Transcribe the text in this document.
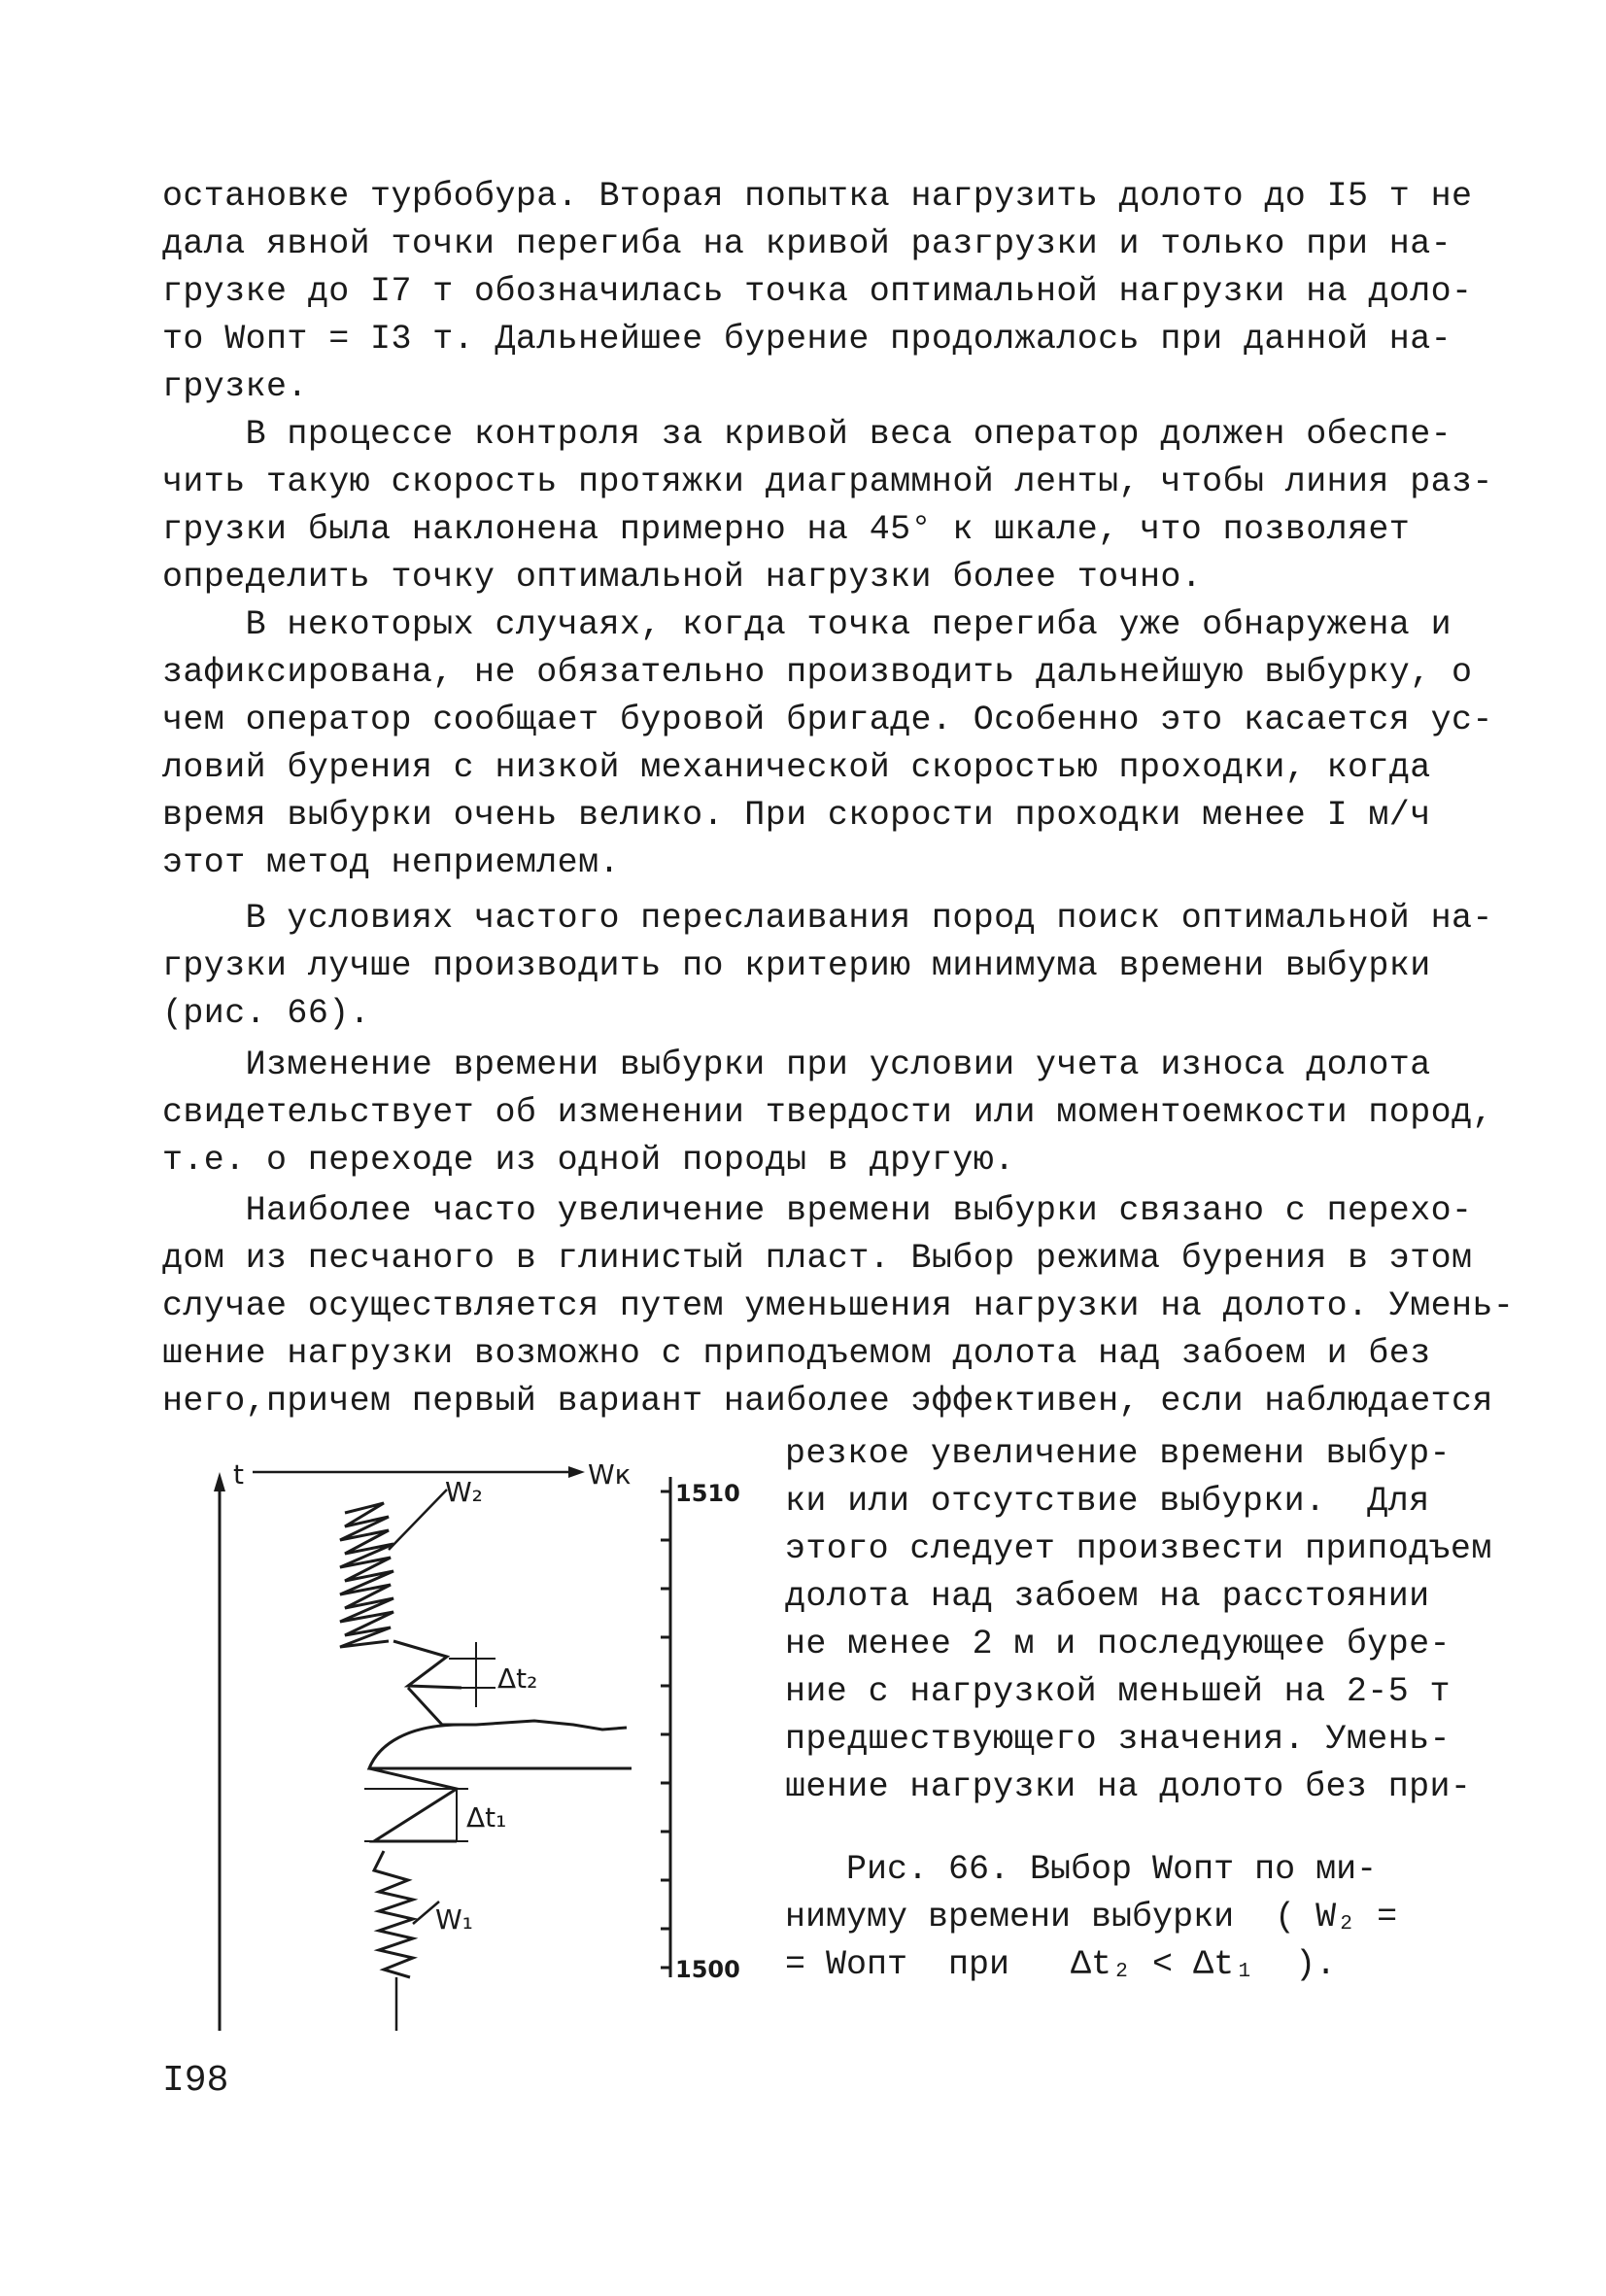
остановке турбобура. Вторая попытка нагрузить долото до I5 т не
дала явной точки перегиба на кривой разгрузки и только при на-
грузке до I7 т обозначилась точка оптимальной нагрузки на доло-
то Wопт = I3 т. Дальнейшее бурение продолжалось при данной на-
грузке.
В процессе контроля за кривой веса оператор должен обеспе-
чить такую скорость протяжки диаграммной ленты, чтобы линия раз-
грузки была наклонена примерно на 45° к шкале, что позволяет
определить точку оптимальной нагрузки более точно.
В некоторых случаях, когда точка перегиба уже обнаружена и
зафиксирована, не обязательно производить дальнейшую выбурку, о
чем оператор сообщает буровой бригаде. Особенно это касается ус-
ловий бурения с низкой механической скоростью проходки, когда
время выбурки очень велико. При скорости проходки менее I м/ч
этот метод неприемлем.
В условиях частого переслаивания пород поиск оптимальной на-
грузки лучше производить по критерию минимума времени выбурки
(рис. 66).
Изменение времени выбурки при условии учета износа долота
свидетельствует об изменении твердости или моментоемкости пород,
т.е. о переходе из одной породы в другую.
Наиболее часто увеличение времени выбурки связано с перехо-
дом из песчаного в глинистый пласт. Выбор режима бурения в этом
случае осуществляется путем уменьшения нагрузки на долото. Умень-
шение нагрузки возможно с приподъемом долота над забоем и без
него,причем первый вариант наиболее эффективен, если наблюдается
резкое увеличение времени выбур-
ки или отсутствие выбурки.  Для
этого следует произвести приподъем
долота над забоем на расстоянии
не менее 2 м и последующее буре-
ние с нагрузкой меньшей на 2-5 т
предшествующего значения. Умень-
шение нагрузки на долото без при-
t	Wк
1510
1500
W₂
Δt₂
Δt₁
W₁
Рис. 66. Выбор Wопт по ми-
нимуму времени выбурки  ( W₂ =
= Wопт  при   Δt₂ < Δt₁  ).
I98
